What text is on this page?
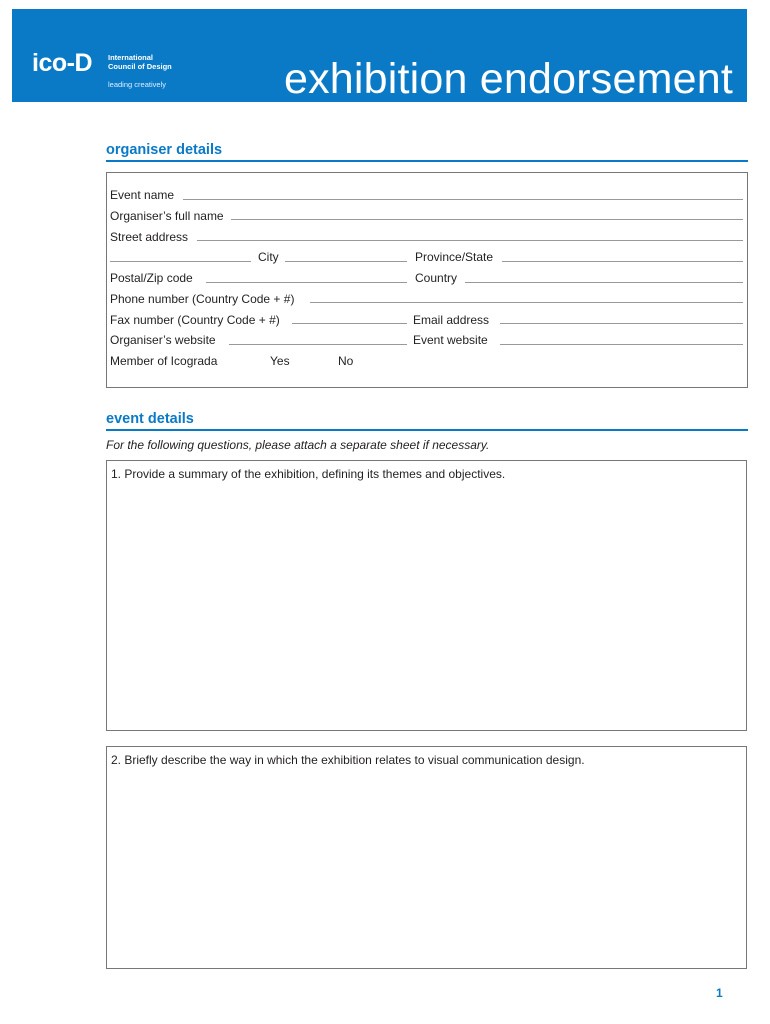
ico-D International
Council of Design
leading creatively	exhibition endorsement
organiser details
Event name
Organiser’s full name
Street address
City	Province/State
Postal/Zip code	Country
Phone number (Country Code + #)
Fax number (Country Code + #)	Email address
Organiser’s website	Event website
Member of Icograda	Yes	No
event details
For the following questions, please attach a separate sheet if necessary.
1. Provide a summary of the exhibition, defining its themes and objectives.
2. Briefly describe the way in which the exhibition relates to visual communication design.
1
